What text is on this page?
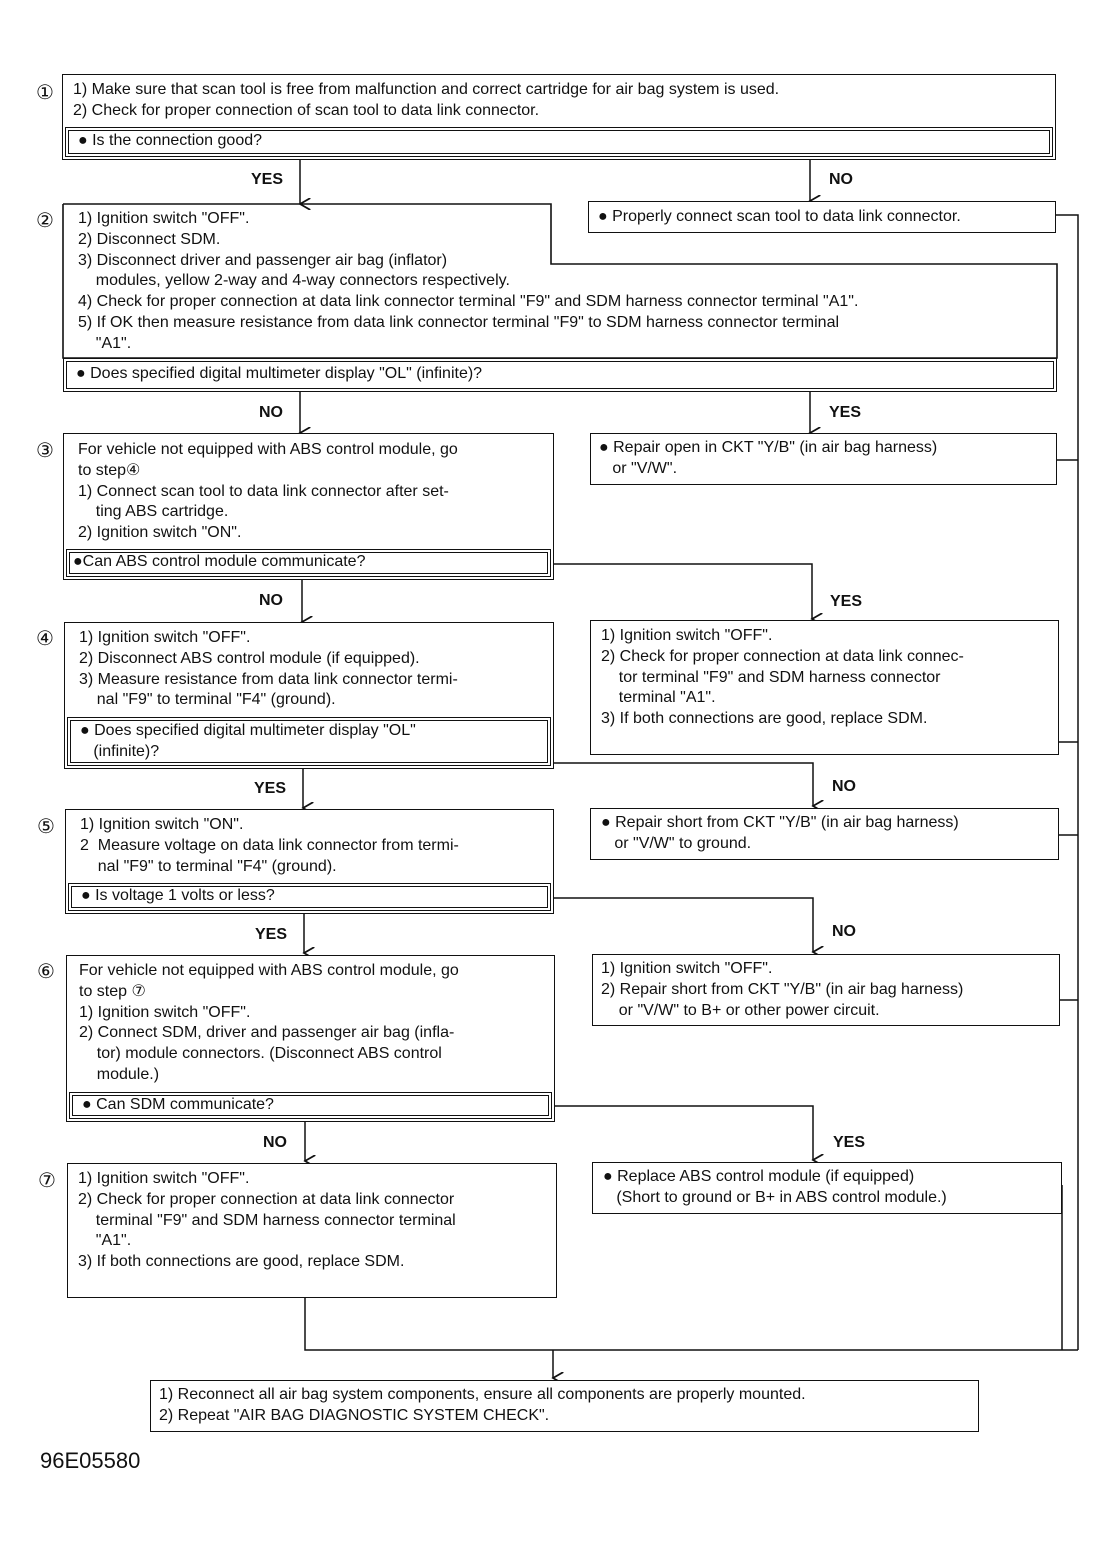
① 1) Make sure that scan tool is free from malfunction and correct cartridge for air bag system is used.
2) Check for proper connection of scan tool to data link connector.
● Is the connection good?
YES	NO
● Properly connect scan tool to data link connector.
② 1) Ignition switch "OFF".
2) Disconnect SDM.
3) Disconnect driver and passenger air bag (inflator)
modules, yellow 2-way and 4-way connectors respectively.
4) Check for proper connection at data link connector terminal "F9" and SDM harness connector terminal "A1".
5) If OK then measure resistance from data link connector terminal "F9" to SDM harness connector terminal
"A1".
● Does specified digital multimeter display "OL" (infinite)?
NO	YES
● Repair open in CKT "Y/B" (in air bag harness)
or "V/W".
③ For vehicle not equipped with ABS control module, go
to step④
1) Connect scan tool to data link connector after set-
ting ABS cartridge.
2) Ignition switch "ON".
●Can ABS control module communicate?
NO	YES
1) Ignition switch "OFF".
2) Check for proper connection at data link connec-
tor terminal "F9" and SDM harness connector
terminal "A1".
3) If both connections are good, replace SDM.
④ 1) Ignition switch "OFF".
2) Disconnect ABS control module (if equipped).
3) Measure resistance from data link connector termi-
nal "F9" to terminal "F4" (ground).
● Does specified digital multimeter display "OL"
(infinite)?
YES	NO
● Repair short from CKT "Y/B" (in air bag harness)
or "V/W" to ground.
⑤ 1) Ignition switch "ON".
2  Measure voltage on data link connector from termi-
nal "F9" to terminal "F4" (ground).
● Is voltage 1 volts or less?
YES	NO
1) Ignition switch "OFF".
2) Repair short from CKT "Y/B" (in air bag harness)
or "V/W" to B+ or other power circuit.
⑥ For vehicle not equipped with ABS control module, go
to step ⑦
1) Ignition switch "OFF".
2) Connect SDM, driver and passenger air bag (infla-
tor) module connectors. (Disconnect ABS control
module.)
● Can SDM communicate?
NO	YES
● Replace ABS control module (if equipped)
(Short to ground or B+ in ABS control module.)
⑦ 1) Ignition switch "OFF".
2) Check for proper connection at data link connector
terminal "F9" and SDM harness connector terminal
"A1".
3) If both connections are good, replace SDM.
1) Reconnect all air bag system components, ensure all components are properly mounted.
2) Repeat "AIR BAG DIAGNOSTIC SYSTEM CHECK".
96E05580
